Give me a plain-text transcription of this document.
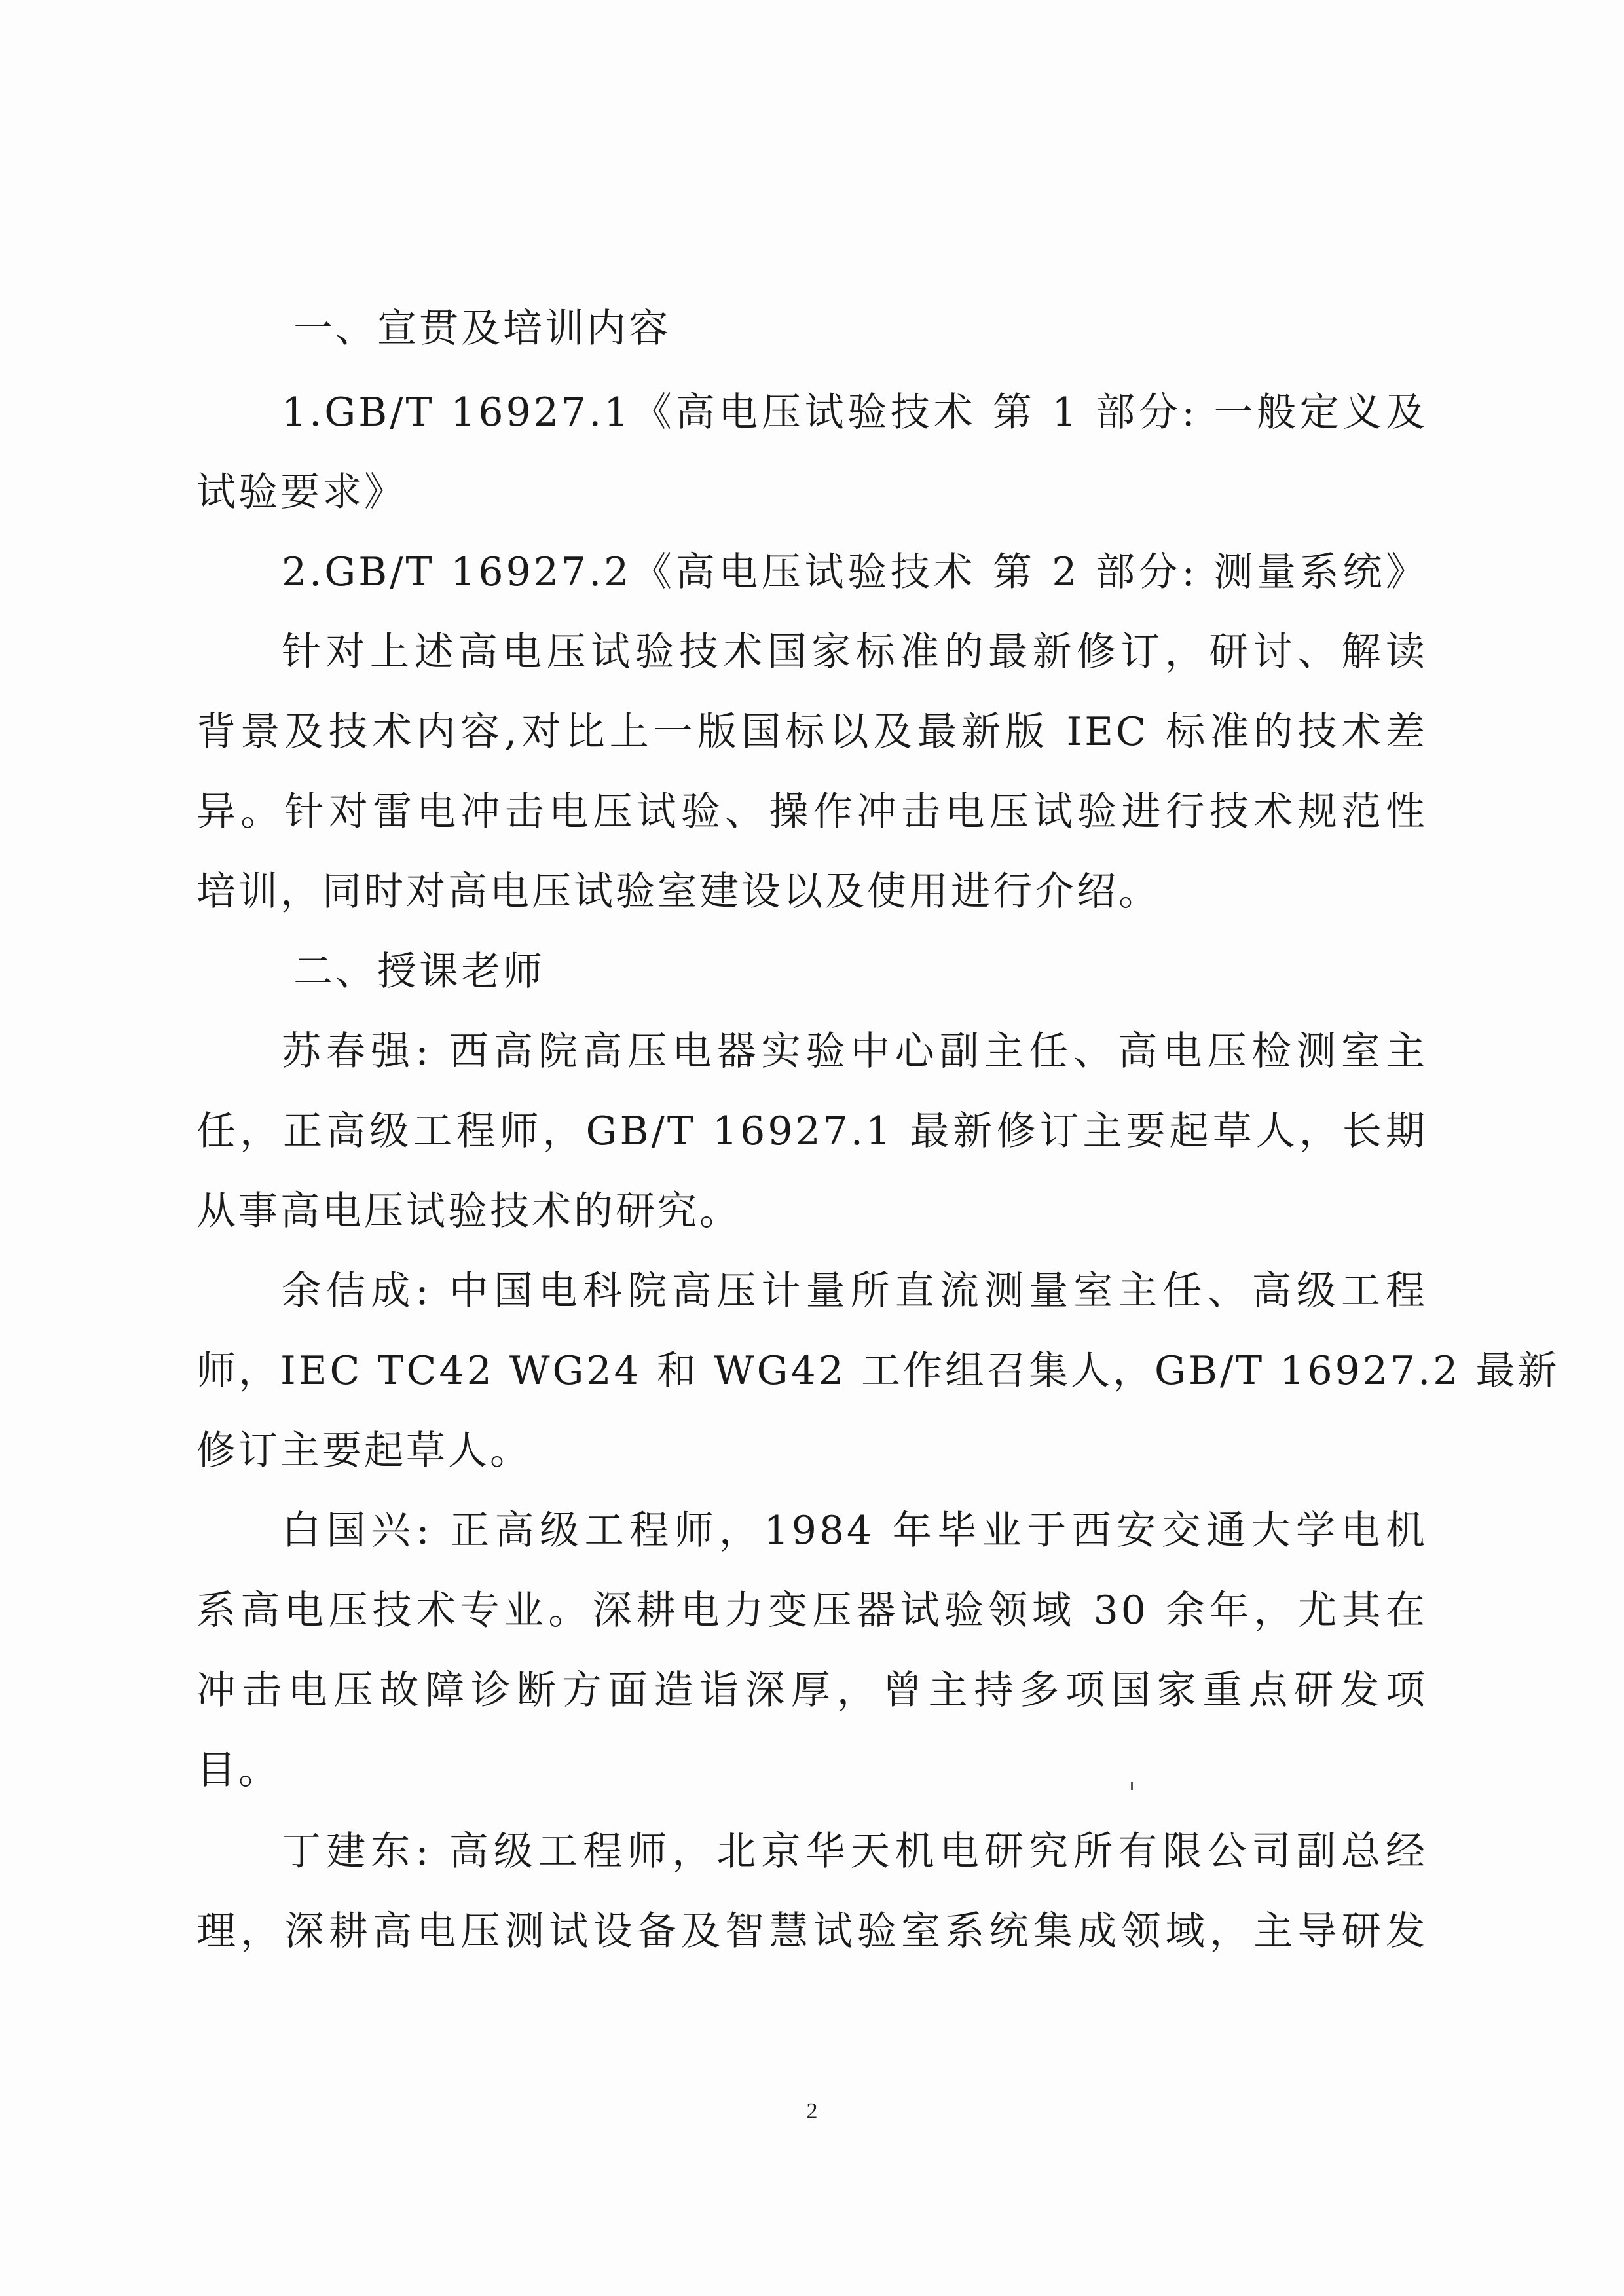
一、宣贯及培训内容
1.GB/T 16927.1《高电压试验技术 第 1 部分: 一般定义及
试验要求》
2.GB/T 16927.2《高电压试验技术 第 2 部分: 测量系统》
针对上述高电压试验技术国家标准的最新修订，研讨、解读
背景及技术内容,对比上一版国标以及最新版 IEC 标准的技术差
异。针对雷电冲击电压试验、操作冲击电压试验进行技术规范性
培训，同时对高电压试验室建设以及使用进行介绍。
二、授课老师
苏春强: 西高院高压电器实验中心副主任、高电压检测室主
任，正高级工程师，GB/T 16927.1 最新修订主要起草人，长期
从事高电压试验技术的研究。
余佶成: 中国电科院高压计量所直流测量室主任、高级工程
师，IEC TC42 WG24 和 WG42 工作组召集人，GB/T 16927.2 最新
修订主要起草人。
白国兴: 正高级工程师，1984 年毕业于西安交通大学电机
系高电压技术专业。深耕电力变压器试验领域 30 余年，尤其在
冲击电压故障诊断方面造诣深厚，曾主持多项国家重点研发项
目。
丁建东: 高级工程师，北京华天机电研究所有限公司副总经
理，深耕高电压测试设备及智慧试验室系统集成领域，主导研发
2
